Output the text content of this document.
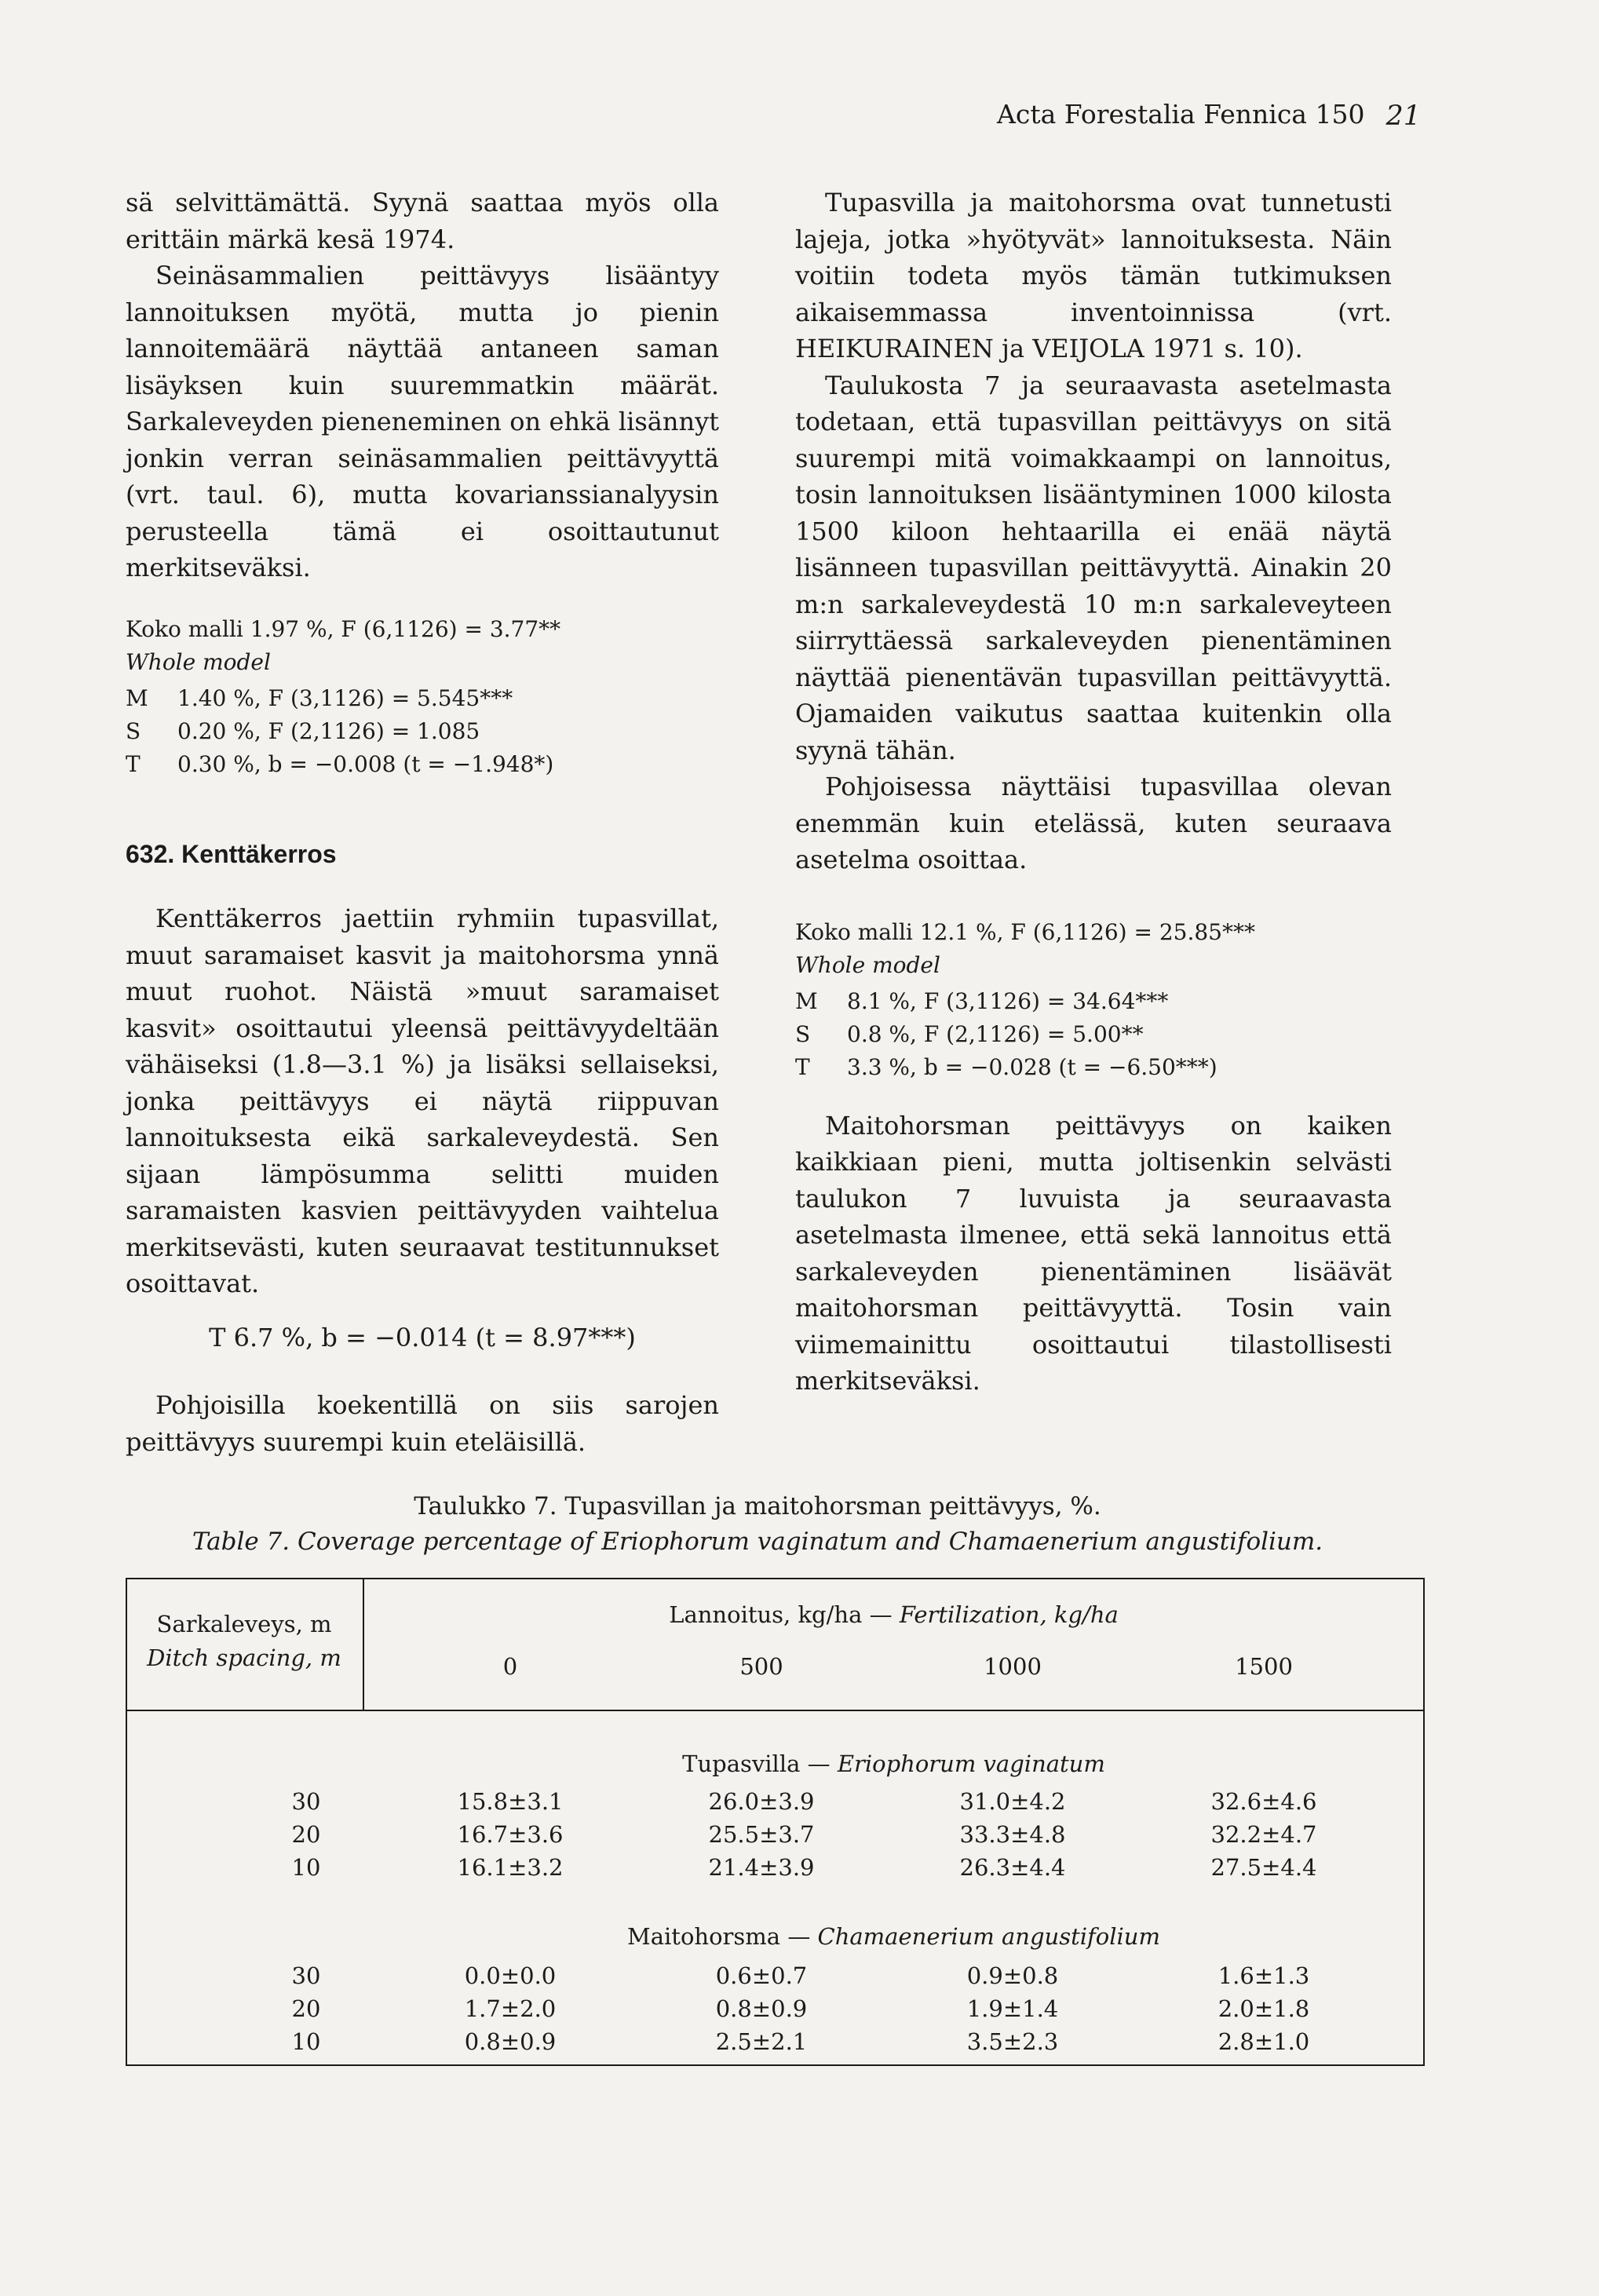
Acta Forestalia Fennica 150 21

sä selvittämättä. Syynä saattaa myös olla erittäin märkä kesä 1974.

Seinäsammalien peittävyys lisääntyy lannoituksen myötä, mutta jo pienin lannoitemäärä näyttää antaneen saman lisäyksen kuin suuremmatkin määrät. Sarkaleveyden pieneneminen on ehkä lisännyt jonkin verran seinäsammalien peittävyyttä (vrt. taul. 6), mutta kovarianssianalyysin perusteella tämä ei osoittautunut merkitseväksi.

Koko malli 1.97 %, F (6,1126) = 3.77**
Whole model
M 1.40 %, F (3,1126) = 5.545***
S 0.20 %, F (2,1126) = 1.085
T 0.30 %, b = −0.008 (t = −1.948*)
632. Kenttäkerros

Kenttäkerros jaettiin ryhmiin tupasvillat, muut saramaiset kasvit ja maitohorsma ynnä muut ruohot. Näistä »muut saramaiset kasvit» osoittautui yleensä peittävyydeltään vähäiseksi (1.8—3.1 %) ja lisäksi sellaiseksi, jonka peittävyys ei näytä riippuvan lannoituksesta eikä sarkaleveydestä. Sen sijaan lämpösumma selitti muiden saramaisten kasvien peittävyyden vaihtelua merkitsevästi, kuten seuraavat testitunnukset osoittavat.

T 6.7 %, b = −0.014 (t = 8.97***)

Pohjoisilla koekentillä on siis sarojen peittävyys suurempi kuin eteläisillä.

Tupasvilla ja maitohorsma ovat tunnetusti lajeja, jotka »hyötyvät» lannoituksesta. Näin voitiin todeta myös tämän tutkimuksen aikaisemmassa inventoinnissa (vrt. HEIKURAINEN ja VEIJOLA 1971 s. 10).

Taulukosta 7 ja seuraavasta asetelmasta todetaan, että tupasvillan peittävyys on sitä suurempi mitä voimakkaampi on lannoitus, tosin lannoituksen lisääntyminen 1000 kilosta 1500 kiloon hehtaarilla ei enää näytä lisänneen tupasvillan peittävyyttä. Ainakin 20 m:n sarkaleveydestä 10 m:n sarkaleveyteen siirryttäessä sarkaleveyden pienentäminen näyttää pienentävän tupasvillan peittävyyttä. Ojamaiden vaikutus saattaa kuitenkin olla syynä tähän.

Pohjoisessa näyttäisi tupasvillaa olevan enemmän kuin etelässä, kuten seuraava asetelma osoittaa.

Koko malli 12.1 %, F (6,1126) = 25.85***
Whole model
M 8.1 %, F (3,1126) = 34.64***
S 0.8 %, F (2,1126) = 5.00**
T 3.3 %, b = −0.028 (t = −6.50***)

Maitohorsman peittävyys on kaiken kaikkiaan pieni, mutta joltisenkin selvästi taulukon 7 luvuista ja seuraavasta asetelmasta ilmenee, että sekä lannoitus että sarkaleveyden pienentäminen lisäävät maitohorsman peittävyyttä. Tosin vain viimemainittu osoittautui tilastollisesti merkitseväksi.

Taulukko 7. Tupasvillan ja maitohorsman peittävyys, %.
Table 7. Coverage percentage of Eriophorum vaginatum and Chamaenerium angustifolium.
Sarkaleveys, m
Ditch spacing, m
Lannoitus, kg/ha — Fertilization, kg/ha
0	500	1000	1500
Tupasvilla — Eriophorum vaginatum
30	15.8±3.1	26.0±3.9	31.0±4.2	32.6±4.6
20	16.7±3.6	25.5±3.7	33.3±4.8	32.2±4.7
10	16.1±3.2	21.4±3.9	26.3±4.4	27.5±4.4
Maitohorsma — Chamaenerium angustifolium
30	0.0±0.0	0.6±0.7	0.9±0.8	1.6±1.3
20	1.7±2.0	0.8±0.9	1.9±1.4	2.0±1.8
10	0.8±0.9	2.5±2.1	3.5±2.3	2.8±1.0
